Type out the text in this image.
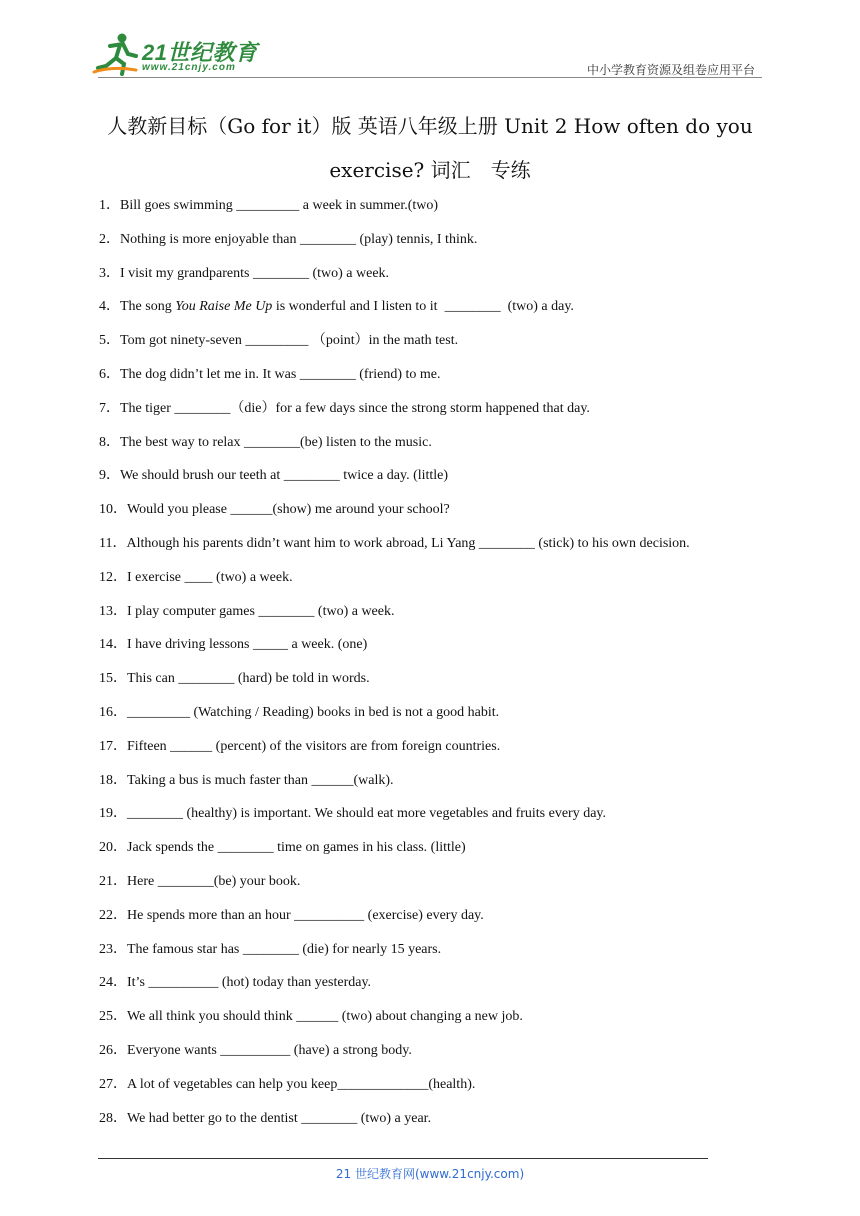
21世纪教育
www.21cnjy.com	中小学教育资源及组卷应用平台
人教新目标（Go for it）版 英语八年级上册 Unit 2 How often do you
exercise? 词汇　专练
1．Bill goes swimming _________ a week in summer.(two)
2．Nothing is more enjoyable than ________ (play) tennis, I think.
3．I visit my grandparents ________ (two) a week.
4．The song You Raise Me Up is wonderful and I listen to it  ________  (two) a day.
5．Tom got ninety-seven _________ （point）in the math test.
6．The dog didn’t let me in. It was ________ (friend) to me.
7．The tiger ________（die）for a few days since the strong storm happened that day.
8．The best way to relax ________(be) listen to the music.
9．We should brush our teeth at ________ twice a day. (little)
10．Would you please ______(show) me around your school?
11．Although his parents didn’t want him to work abroad, Li Yang ________ (stick) to his own decision.
12．I exercise ____ (two) a week.
13．I play computer games ________ (two) a week.
14．I have driving lessons _____ a week. (one)
15．This can ________ (hard) be told in words.
16．_________ (Watching / Reading) books in bed is not a good habit.
17．Fifteen ______ (percent) of the visitors are from foreign countries.
18．Taking a bus is much faster than ______(walk).
19．________ (healthy) is important. We should eat more vegetables and fruits every day.
20．Jack spends the ________ time on games in his class. (little)
21．Here ________(be) your book.
22．He spends more than an hour __________ (exercise) every day.
23．The famous star has ________ (die) for nearly 15 years.
24．It’s __________ (hot) today than yesterday.
25．We all think you should think ______ (two) about changing a new job.
26．Everyone wants __________ (have) a strong body.
27．A lot of vegetables can help you keep_____________(health).
28．We had better go to the dentist ________ (two) a year.
21 世纪教育网(www.21cnjy.com)
